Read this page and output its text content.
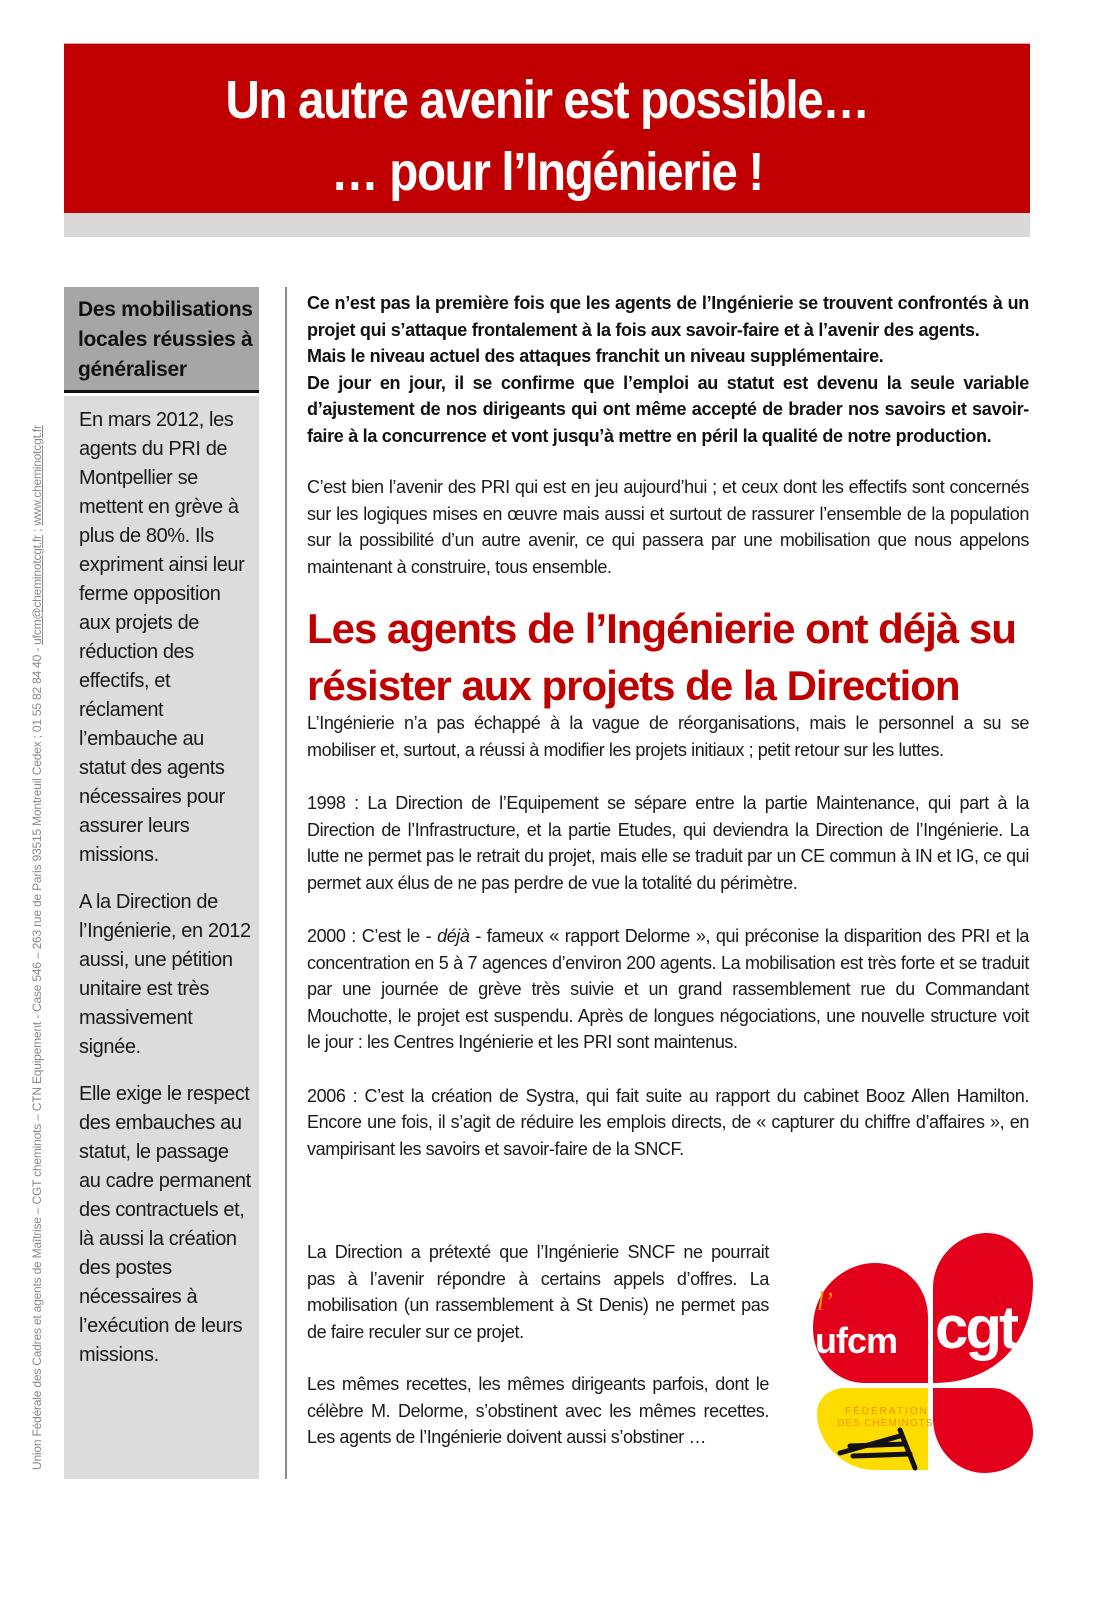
Un autre avenir est possible…
… pour l’Ingénierie !
Union Fédérale des Cadres et agents de Maîtrise – CGT cheminots – CTN Equipement - Case 546 – 263 rue de Paris 93515 Montreuil Cedex ; 01 55 82 84 40 - ufcm@cheminotcgt.fr ; www.cheminotcgt.fr
Des mobilisations locales réussies à généraliser

En mars 2012, les agents du PRI de Montpellier se mettent en grève à plus de 80%. Ils expriment ainsi leur ferme opposition aux projets de réduction des effectifs, et réclament l’embauche au statut des agents nécessaires pour assurer leurs missions.

A la Direction de l’Ingénierie, en 2012 aussi, une pétition unitaire est très massivement signée.

Elle exige le respect des embauches au statut, le passage au cadre permanent des contractuels et, là aussi la création des postes nécessaires à l’exécution de leurs missions.

Ce n’est pas la première fois que les agents de l’Ingénierie se trouvent confrontés à un projet qui s’attaque frontalement à la fois aux savoir-faire et à l’avenir des agents.

Mais le niveau actuel des attaques franchit un niveau supplémentaire.

De jour en jour, il se confirme que l’emploi au statut est devenu la seule variable d’ajustement de nos dirigeants qui ont même accepté de brader nos savoirs et savoir-faire à la concurrence et vont jusqu’à mettre en péril la qualité de notre production.

C’est bien l’avenir des PRI qui est en jeu aujourd’hui ; et ceux dont les effectifs sont concernés sur les logiques mises en œuvre mais aussi et surtout de rassurer l’ensemble de la population sur la possibilité d’un autre avenir, ce qui passera par une mobilisation que nous appelons maintenant à construire, tous ensemble.

Les agents de l’Ingénierie ont déjà su résister aux projets de la Direction

L’Ingénierie n’a pas échappé à la vague de réorganisations, mais le personnel a su se mobiliser et, surtout, a réussi à modifier les projets initiaux ; petit retour sur les luttes.

1998 : La Direction de l’Equipement se sépare entre la partie Maintenance, qui part à la Direction de l’Infrastructure, et la partie Etudes, qui deviendra la Direction de l’Ingénierie. La lutte ne permet pas le retrait du projet, mais elle se traduit par un CE commun à IN et IG, ce qui permet aux élus de ne pas perdre de vue la totalité du périmètre.

2000 : C’est le - déjà - fameux « rapport Delorme », qui préconise la disparition des PRI et la concentration en 5 à 7 agences d’environ 200 agents. La mobilisation est très forte et se traduit par une journée de grève très suivie et un grand rassemblement rue du Commandant Mouchotte, le projet est suspendu. Après de longues négociations, une nouvelle structure voit le jour : les Centres Ingénierie et les PRI sont maintenus.

2006 : C’est la création de Systra, qui fait suite au rapport du cabinet Booz Allen Hamilton. Encore une fois, il s’agit de réduire les emplois directs, de « capturer du chiffre d’affaires », en vampirisant les savoirs et savoir-faire de la SNCF.

La Direction a prétexté que l’Ingénierie SNCF ne pourrait pas à l’avenir répondre à certains appels d’offres. La mobilisation (un rassemblement à St Denis) ne permet pas de faire reculer sur ce projet.

Les mêmes recettes, les mêmes dirigeants parfois, dont le célèbre M. Delorme, s’obstinent avec les mêmes recettes. Les agents de l’Ingénierie doivent aussi s’obstiner …

l’
ufcm cgt
FÉDÉRATION
DES CHEMINOTS
